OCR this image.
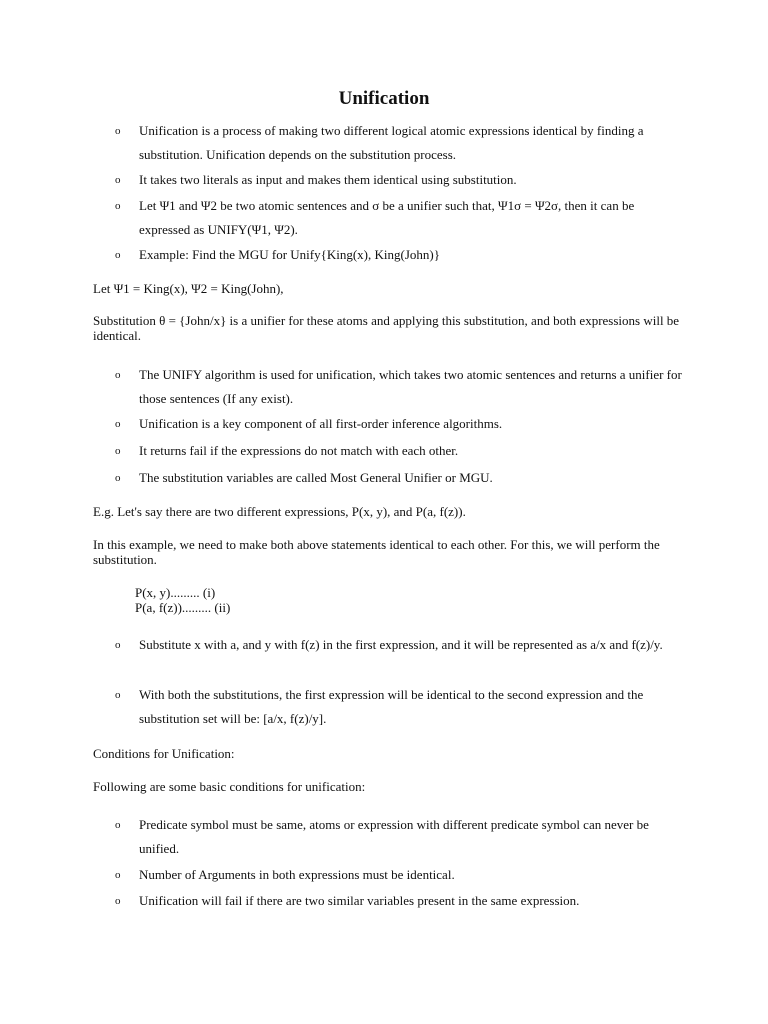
Unification
o Unification is a process of making two different logical atomic expressions identical by finding a substitution. Unification depends on the substitution process.
o It takes two literals as input and makes them identical using substitution.
o Let Ψ1 and Ψ2 be two atomic sentences and σ be a unifier such that, Ψ1σ = Ψ2σ, then it can be expressed as UNIFY(Ψ1, Ψ2).
o Example: Find the MGU for Unify{King(x), King(John)}

Let Ψ1 = King(x), Ψ2 = King(John),

Substitution θ = {John/x} is a unifier for these atoms and applying this substitution, and both expressions will be identical.

o The UNIFY algorithm is used for unification, which takes two atomic sentences and returns a unifier for those sentences (If any exist).
o Unification is a key component of all first-order inference algorithms.
o It returns fail if the expressions do not match with each other.
o The substitution variables are called Most General Unifier or MGU.

E.g. Let's say there are two different expressions, P(x, y), and P(a, f(z)).

In this example, we need to make both above statements identical to each other. For this, we will perform the substitution.

P(x, y)......... (i)
P(a, f(z))......... (ii)
o Substitute x with a, and y with f(z) in the first expression, and it will be represented as a/x and f(z)/y.
o With both the substitutions, the first expression will be identical to the second expression and the substitution set will be: [a/x, f(z)/y].

Conditions for Unification:

Following are some basic conditions for unification:

o Predicate symbol must be same, atoms or expression with different predicate symbol can never be unified.
o Number of Arguments in both expressions must be identical.
o Unification will fail if there are two similar variables present in the same expression.
